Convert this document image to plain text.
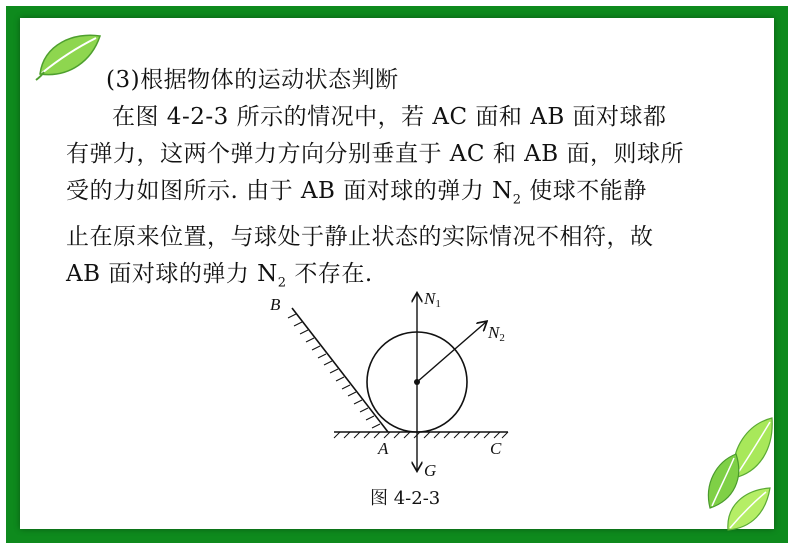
(3)根据物体的运动状态判断
在图 4-2-3 所示的情况中，若 AC 面和 AB 面对球都
有弹力，这两个弹力方向分别垂直于 AC 和 AB 面，则球所
受的力如图所示. 由于 AB 面对球的弹力 $N_2$ 使球不能静
止在原来位置，与球处于静止状态的实际情况不相符，故
AB 面对球的弹力 $N_2$ 不存在.
B
A	C
N1
N2
G
图 4-2-3
